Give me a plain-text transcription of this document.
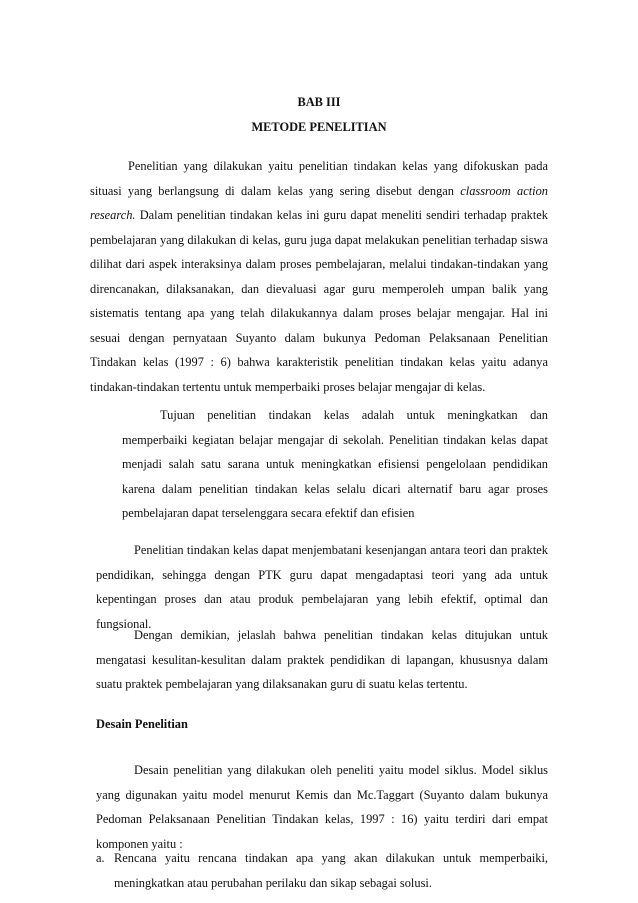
BAB III
METODE PENELITIAN

Penelitian yang dilakukan yaitu penelitian tindakan kelas yang difokuskan pada situasi yang berlangsung di dalam kelas yang sering disebut dengan classroom action research. Dalam penelitian tindakan kelas ini guru dapat meneliti sendiri terhadap praktek pembelajaran yang dilakukan di kelas, guru juga dapat melakukan penelitian terhadap siswa dilihat dari aspek interaksinya dalam proses pembelajaran, melalui tindakan-tindakan yang direncanakan, dilaksanakan, dan dievaluasi agar guru memperoleh umpan balik yang sistematis tentang apa yang telah dilakukannya dalam proses belajar mengajar. Hal ini sesuai dengan pernyataan Suyanto dalam bukunya Pedoman Pelaksanaan Penelitian Tindakan kelas (1997 : 6) bahwa karakteristik penelitian tindakan kelas yaitu adanya tindakan-tindakan tertentu untuk memperbaiki proses belajar mengajar di kelas.

Tujuan penelitian tindakan kelas adalah untuk meningkatkan dan memperbaiki kegiatan belajar mengajar di sekolah. Penelitian tindakan kelas dapat menjadi salah satu sarana untuk meningkatkan efisiensi pengelolaan pendidikan karena dalam penelitian tindakan kelas selalu dicari alternatif baru agar proses pembelajaran dapat terselenggara secara efektif dan efisien

Penelitian tindakan kelas dapat menjembatani kesenjangan antara teori dan praktek pendidikan, sehingga dengan PTK guru dapat mengadaptasi teori yang ada untuk kepentingan proses dan atau produk pembelajaran yang lebih efektif, optimal dan fungsional.

Dengan demikian, jelaslah bahwa penelitian tindakan kelas ditujukan untuk mengatasi kesulitan-kesulitan dalam praktek pendidikan di lapangan, khususnya dalam suatu praktek pembelajaran yang dilaksanakan guru di suatu kelas tertentu.

Desain Penelitian

Desain penelitian yang dilakukan oleh peneliti yaitu model siklus. Model siklus yang digunakan yaitu model menurut Kemis dan Mc.Taggart (Suyanto dalam bukunya Pedoman Pelaksanaan Penelitian Tindakan kelas, 1997 : 16) yaitu terdiri dari empat komponen yaitu :

a. Rencana yaitu rencana tindakan apa yang akan dilakukan untuk memperbaiki, meningkatkan atau perubahan perilaku dan sikap sebagai solusi.
